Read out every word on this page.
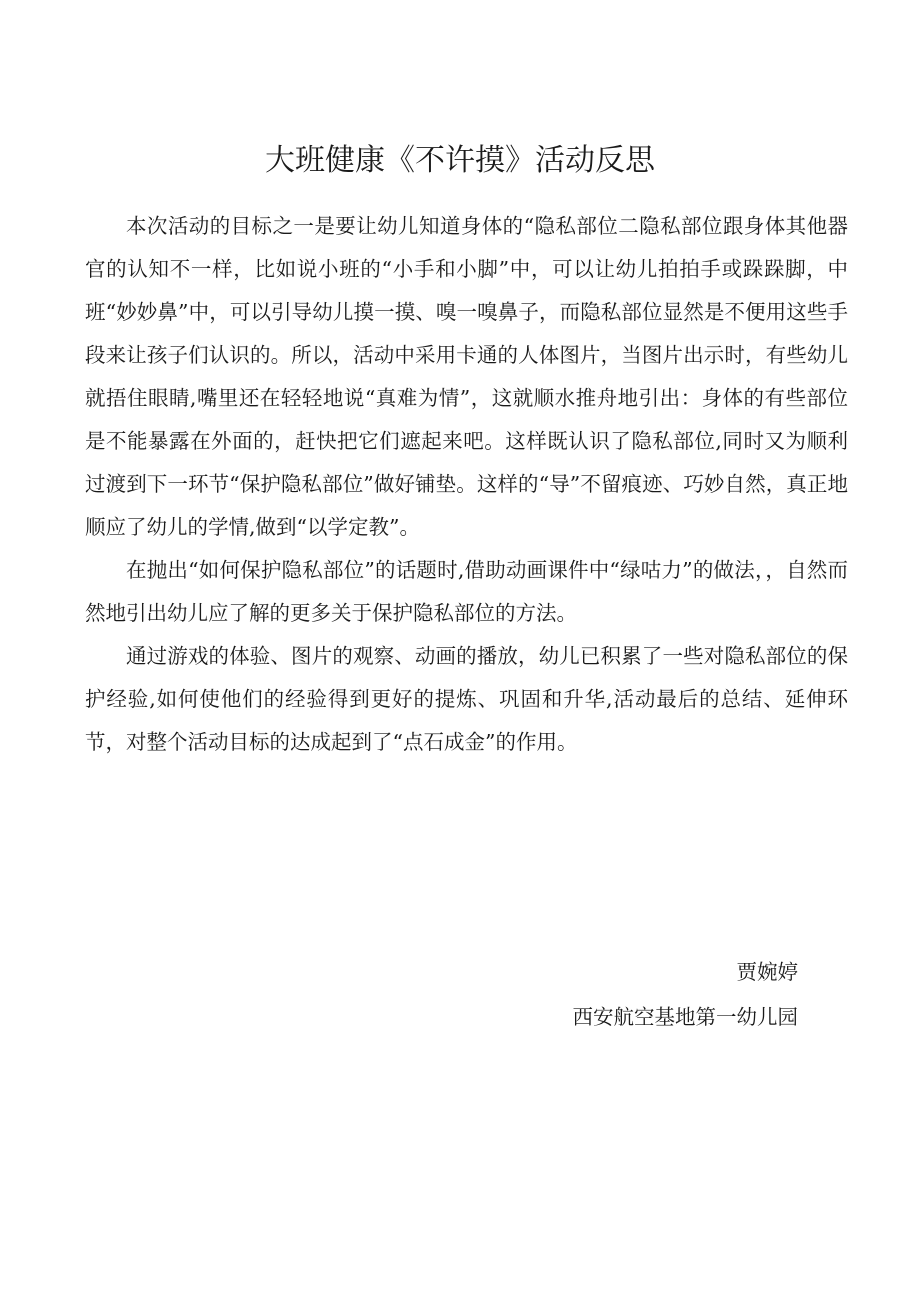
大班健康《不许摸》活动反思

本次活动的目标之一是要让幼儿知道身体的“隐私部位二隐私部位跟身体其他器官的认知不一样，比如说小班的“小手和小脚”中，可以让幼儿拍拍手或跺跺脚，中班“妙妙鼻”中，可以引导幼儿摸一摸、嗅一嗅鼻子，而隐私部位显然是不便用这些手段来让孩子们认识的。所以，活动中采用卡通的人体图片，当图片出示时，有些幼儿就捂住眼睛,嘴里还在轻轻地说“真难为情”，这就顺水推舟地引出：身体的有些部位是不能暴露在外面的，赶快把它们遮起来吧。这样既认识了隐私部位,同时又为顺利过渡到下一环节“保护隐私部位”做好铺垫。这样的“导”不留痕迹、巧妙自然，真正地顺应了幼儿的学情,做到“以学定教”。

在抛出“如何保护隐私部位”的话题时,借助动画课件中“绿咕力”的做法，，自然而然地引出幼儿应了解的更多关于保护隐私部位的方法。

通过游戏的体验、图片的观察、动画的播放，幼儿已积累了一些对隐私部位的保护经验,如何使他们的经验得到更好的提炼、巩固和升华,活动最后的总结、延伸环节，对整个活动目标的达成起到了“点石成金”的作用。

贾婉婷
西安航空基地第一幼儿园
